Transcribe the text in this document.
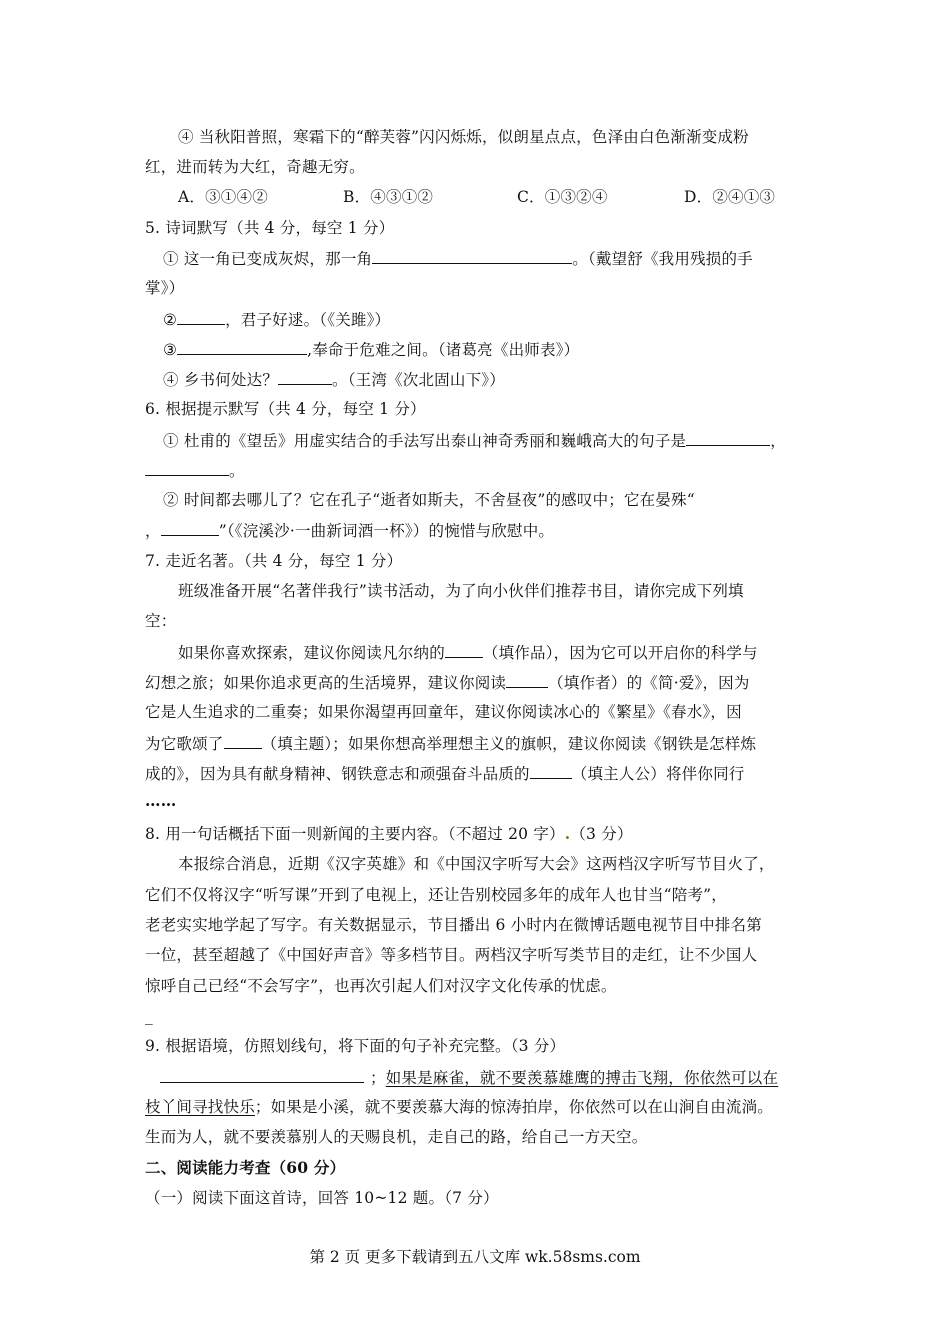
④ 当秋阳普照，寒霜下的“醉芙蓉”闪闪烁烁，似朗星点点，色泽由白色渐渐变成粉
红，进而转为大红，奇趣无穷。
A．③①④②	B．④③①②	C．①③②④	D．②④①③
5. 诗词默写（共 4 分，每空 1 分）
① 这一角已变成灰烬，那一角	。（戴望舒《我用残损的手
掌》）
②	，君子好逑。（《关雎》）
③	,奉命于危难之间。（诸葛亮《出师表》）
④ 乡书何处达？	。（王湾《次北固山下》）
6. 根据提示默写（共 4 分，每空 1 分）
① 杜甫的《望岳》用虚实结合的手法写出泰山神奇秀丽和巍峨高大的句子是	，
。
② 时间都去哪儿了？它在孔子“逝者如斯夫，不舍昼夜”的感叹中；它在晏殊“
，	”（《浣溪沙·一曲新词酒一杯》）的惋惜与欣慰中。
7. 走近名著。（共 4 分，每空 1 分）
班级准备开展“名著伴我行”读书活动，为了向小伙伴们推荐书目，请你完成下列填
空：
如果你喜欢探索，建议你阅读凡尔纳的 （填作品），因为它可以开启你的科学与
幻想之旅；如果你追求更高的生活境界，建议你阅读	（填作者）的《简·爱》，因为
它是人生追求的二重奏；如果你渴望再回童年，建议你阅读冰心的《繁星》《春水》，因
为它歌颂了 （填主题）；如果你想高举理想主义的旗帜，建议你阅读《钢铁是怎样炼
成的》，因为具有献身精神、钢铁意志和顽强奋斗品质的	（填主人公）将伴你同行
……
8. 用一句话概括下面一则新闻的主要内容。（不超过 20 字）.（3 分）
本报综合消息，近期《汉字英雄》和《中国汉字听写大会》这两档汉字听写节目火了，
它们不仅将汉字“听写课”开到了电视上，还让告别校园多年的成年人也甘当“陪考”，
老老实实地学起了写字。有关数据显示，节目播出 6 小时内在微博话题电视节目中排名第
一位，甚至超越了《中国好声音》等多档节目。两档汉字听写类节目的走红，让不少国人
惊呼自己已经“不会写字”，也再次引起人们对汉字文化传承的忧虑。
_
9. 根据语境，仿照划线句，将下面的句子补充完整。（3 分）
；如果是麻雀，就不要羡慕雄鹰的搏击飞翔，你依然可以在
枝丫间寻找快乐；如果是小溪，就不要羡慕大海的惊涛拍岸，你依然可以在山涧自由流淌。
生而为人，就不要羡慕别人的天赐良机，走自己的路，给自己一方天空。
二、阅读能力考查（60 分）
（一）阅读下面这首诗，回答 10~12 题。（7 分）
第 2 页 更多下载请到五八文库 wk.58sms.com
